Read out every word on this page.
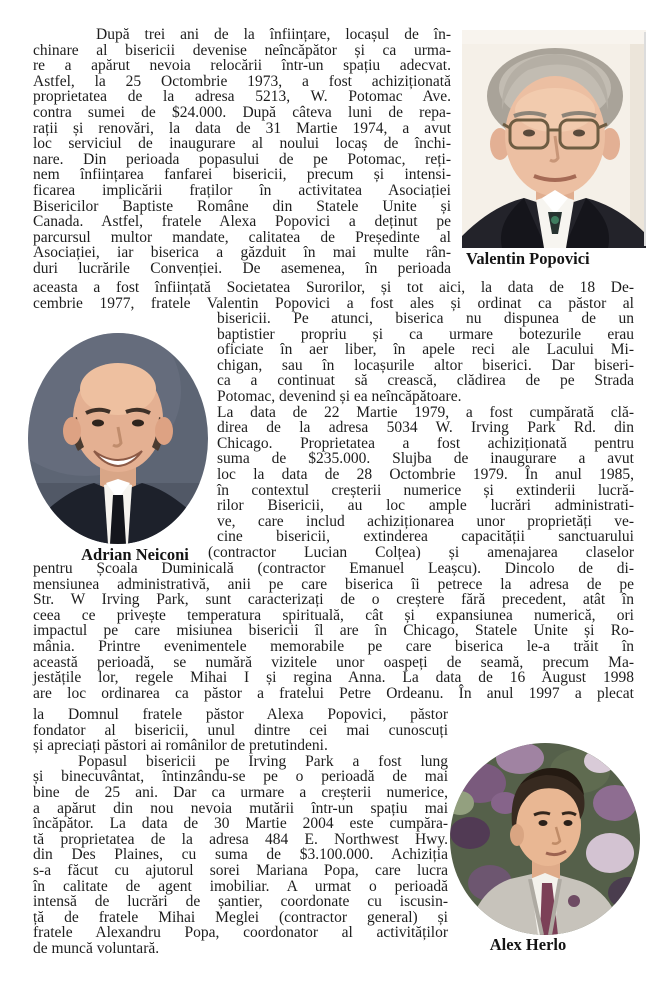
După trei ani de la înființare, locașul de în-
chinare al bisericii devenise neîncăpător și ca urma-
re a apărut nevoia relocării într-un spațiu adecvat.
Astfel, la 25 Octombrie 1973, a fost achiziționată
proprietatea de la adresa 5213, W. Potomac Ave.
contra sumei de $24.000. După câteva luni de repa-
rații și renovări, la data de 31 Martie 1974, a avut
loc serviciul de inaugurare al noului locaș de închi-
nare. Din perioada popasului de pe Potomac, reți-
nem înființarea fanfarei bisericii, precum și intensi-
ficarea implicării fraților în activitatea Asociației
Bisericilor Baptiste Române din Statele Unite și
Canada. Astfel, fratele Alexa Popovici a deținut pe
parcursul multor mandate, calitatea de Președinte al
Asociației, iar biserica a găzduit în mai multe rân-
duri lucrările Convenției. De asemenea, în perioada
aceasta a fost înființată Societatea Surorilor, și tot aici, la data de 18 De-
cembrie 1977, fratele Valentin Popovici a fost ales și ordinat ca păstor al
bisericii. Pe atunci, biserica nu dispunea de un
baptistier propriu și ca urmare botezurile erau
oficiate în aer liber, în apele reci ale Lacului Mi-
chigan, sau în locașurile altor biserici. Dar biseri-
ca a continuat să crească, clădirea de pe Strada
Potomac, devenind și ea neîncăpătoare.
La data de 22 Martie 1979, a fost cumpărată clă-
direa de la adresa 5034 W. Irving Park Rd. din
Chicago. Proprietatea a fost achiziționată pentru
suma de $235.000. Slujba de inaugurare a avut
loc la data de 28 Octombrie 1979. În anul 1985,
în contextul creșterii numerice și extinderii lucră-
rilor Bisericii, au loc ample lucrări administrati-
ve, care includ achiziționarea unor proprietăți ve-
cine bisericii, extinderea capacității sanctuarului
(contractor Lucian Colțea) și amenajarea claselor
pentru Școala Duminicală (contractor Emanuel Leașcu). Dincolo de di-
mensiunea administrativă, anii pe care biserica îi petrece la adresa de pe
Str. W Irving Park, sunt caracterizați de o creștere fără precedent, atât în
ceea ce privește temperatura spirituală, cât și expansiunea numerică, ori
impactul pe care misiunea bisericii îl are în Chicago, Statele Unite și Ro-
mânia. Printre evenimentele memorabile pe care biserica le-a trăit în
această perioadă, se numără vizitele unor oaspeți de seamă, precum Ma-
jestățile lor, regele Mihai I și regina Anna. La data de 16 August 1998
are loc ordinarea ca păstor a fratelui Petre Ordeanu. În anul 1997 a plecat
la Domnul fratele păstor Alexa Popovici, păstor
fondator al bisericii, unul dintre cei mai cunoscuți
și apreciați păstori ai românilor de pretutindeni.
Popasul bisericii pe Irving Park a fost lung
și binecuvântat, întinzându-se pe o perioadă de mai
bine de 25 ani. Dar ca urmare a creșterii numerice,
a apărut din nou nevoia mutării într-un spațiu mai
încăpător. La data de 30 Martie 2004 este cumpăra-
tă proprietatea de la adresa 484 E. Northwest Hwy.
din Des Plaines, cu suma de $3.100.000. Achiziția
s-a făcut cu ajutorul sorei Mariana Popa, care lucra
în calitate de agent imobiliar. A urmat o perioadă
intensă de lucrări de șantier, coordonate cu iscusin-
ță de fratele Mihai Meglei (contractor general) și
fratele Alexandru Popa, coordonator al activităților
de muncă voluntară.
Valentin Popovici
Adrian Neiconi
Alex Herlo
